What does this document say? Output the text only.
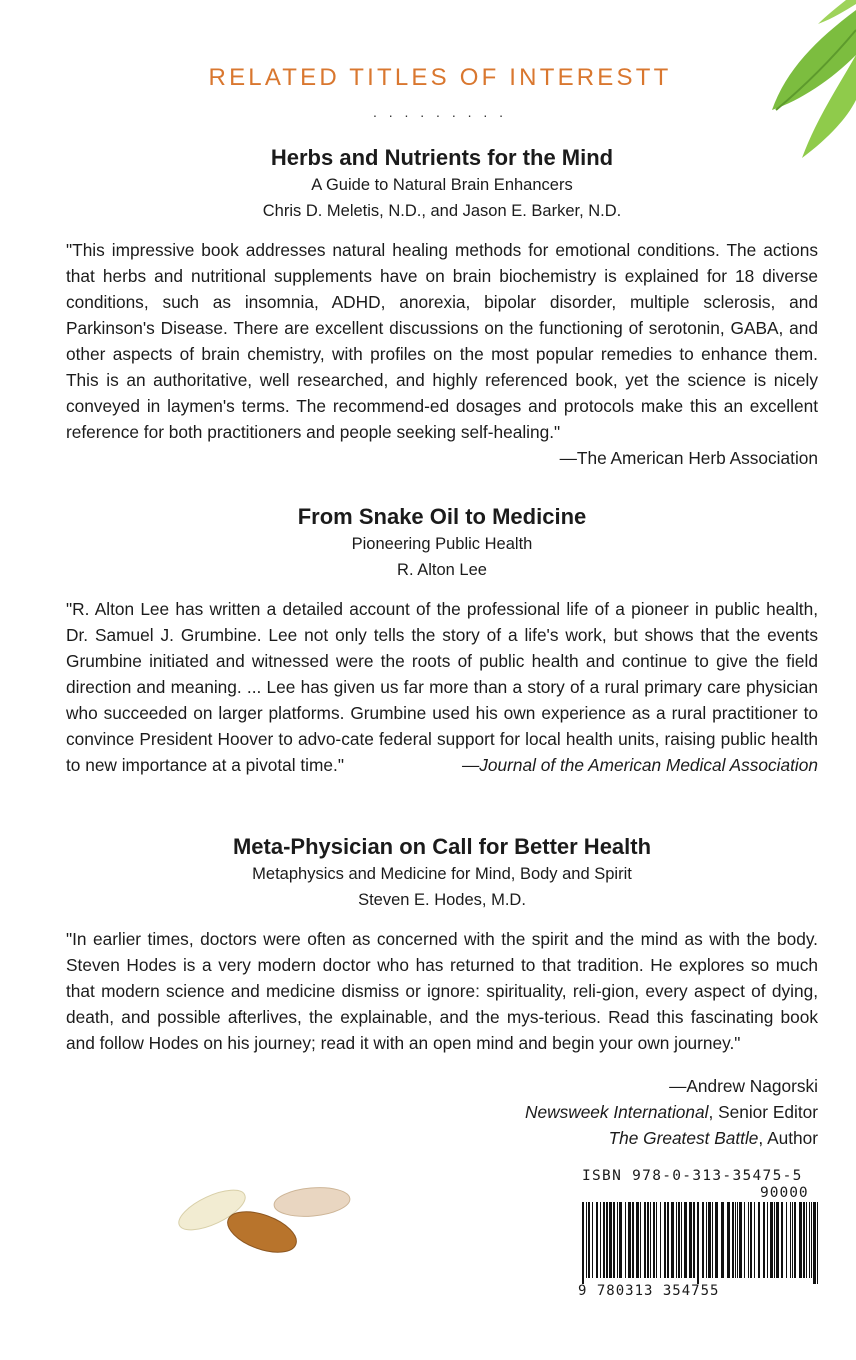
RELATED TITLES OF INTERESTT
. . . . . . . . .

Herbs and Nutrients for the Mind

A Guide to Natural Brain Enhancers

Chris D. Meletis, N.D., and Jason E. Barker, N.D.

"This impressive book addresses natural healing methods for emotional conditions. The actions that herbs and nutritional supplements have on brain biochemistry is explained for 18 diverse conditions, such as insomnia, ADHD, anorexia, bipolar disorder, multiple sclerosis, and Parkinson's Disease. There are excellent discussions on the functioning of serotonin, GABA, and other aspects of brain chemistry, with profiles on the most popular remedies to enhance them. This is an authoritative, well researched, and highly referenced book, yet the science is nicely conveyed in laymen's terms. The recommend-ed dosages and protocols make this an excellent reference for both practitioners and people seeking self-healing."
—The American Herb Association

From Snake Oil to Medicine

Pioneering Public Health

R. Alton Lee

"R. Alton Lee has written a detailed account of the professional life of a pioneer in public health, Dr. Samuel J. Grumbine. Lee not only tells the story of a life's work, but shows that the events Grumbine initiated and witnessed were the roots of public health and continue to give the field direction and meaning. ... Lee has given us far more than a story of a rural primary care physician who succeeded on larger platforms. Grumbine used his own experience as a rural practitioner to convince President Hoover to advo-cate federal support for local health units, raising public health to new importance at a pivotal time."	—Journal of the American Medical Association

Meta-Physician on Call for Better Health

Metaphysics and Medicine for Mind, Body and Spirit

Steven E. Hodes, M.D.

"In earlier times, doctors were often as concerned with the spirit and the mind as with the body. Steven Hodes is a very modern doctor who has returned to that tradition. He explores so much that modern science and medicine dismiss or ignore: spirituality, reli-gion, every aspect of dying, death, and possible afterlives, the explainable, and the mys-terious. Read this fascinating book and follow Hodes on his journey; read it with an open mind and begin your own journey."

—Andrew Nagorski
Newsweek International, Senior Editor
The Greatest Battle, Author
ISBN 978-0-313-35475-5
90000
9 780313 354755
